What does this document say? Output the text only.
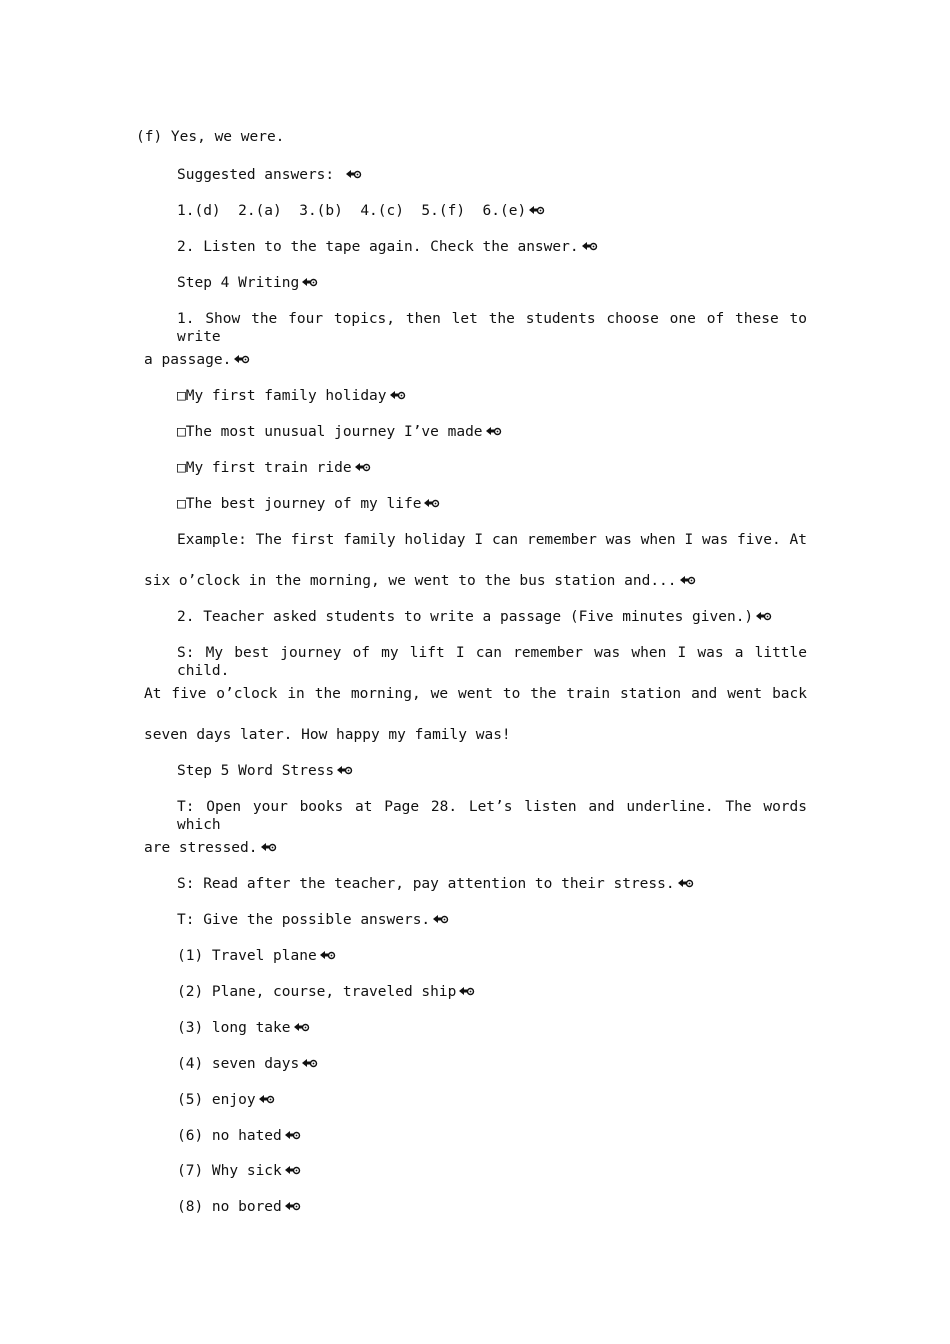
(f) Yes, we were.
Suggested answers:
1.(d)  2.(a)  3.(b)  4.(c)  5.(f)  6.(e)
2. Listen to the tape again. Check the answer.
Step 4 Writing
1. Show the four topics, then let the students choose one of these to write
a passage.
□My first family holiday
□The most unusual journey I’ve made
□My first train ride
□The best journey of my life
Example: The first family holiday I can remember was when I was five. At
six o’clock in the morning, we went to the bus station and...
2. Teacher asked students to write a passage (Five minutes given.)
S: My best journey of my lift I can remember was when I was a little child.
At five o’clock in the morning, we went to the train station and went back
seven days later. How happy my family was!
Step 5 Word Stress
T: Open your books at Page 28. Let’s listen and underline. The words which
are stressed.
S: Read after the teacher, pay attention to their stress.
T: Give the possible answers.
(1) Travel plane
(2) Plane, course, traveled ship
(3) long take
(4) seven days
(5) enjoy
(6) no hated
(7) Why sick
(8) no bored
